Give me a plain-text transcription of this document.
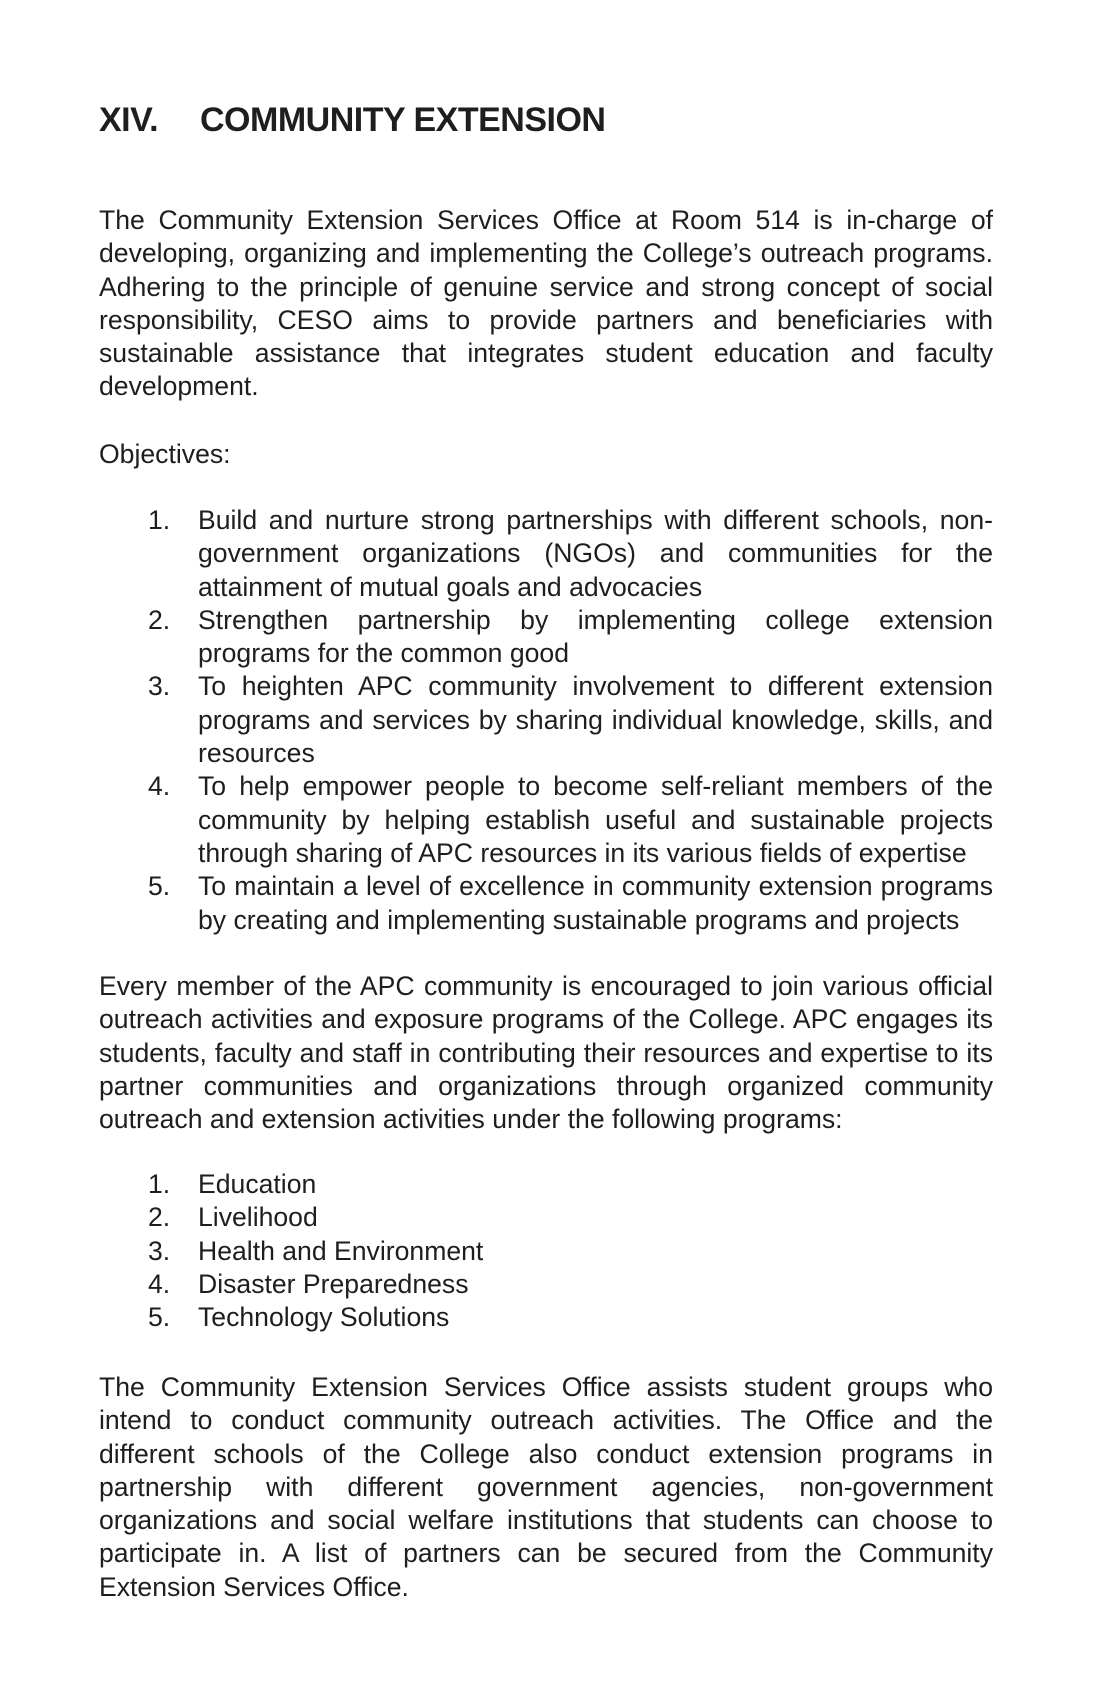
XIV. COMMUNITY EXTENSION

The Community Extension Services Office at Room 514 is in-charge of developing, organizing and implementing the College’s outreach programs. Adhering to the principle of genuine service and strong concept of social responsibility, CESO aims to provide partners and beneficiaries with sustainable assistance that integrates student education and faculty development.

Objectives:

1. Build and nurture strong partnerships with different schools, non-government organizations (NGOs) and communities for the attainment of mutual goals and advocacies
2. Strengthen partnership by implementing college extension programs for the common good
3. To heighten APC community involvement to different extension programs and services by sharing individual knowledge, skills, and resources
4. To help empower people to become self-reliant members of the community by helping establish useful and sustainable projects through sharing of APC resources in its various fields of expertise
5. To maintain a level of excellence in community extension programs by creating and implementing sustainable programs and projects

Every member of the APC community is encouraged to join various official outreach activities and exposure programs of the College. APC engages its students, faculty and staff in contributing their resources and expertise to its partner communities and organizations through organized community outreach and extension activities under the following programs:

1. Education
2. Livelihood
3. Health and Environment
4. Disaster Preparedness
5. Technology Solutions

The Community Extension Services Office assists student groups who intend to conduct community outreach activities. The Office and the different schools of the College also conduct extension programs in partnership with different government agencies, non-government organizations and social welfare institutions that students can choose to participate in. A list of partners can be secured from the Community Extension Services Office.
